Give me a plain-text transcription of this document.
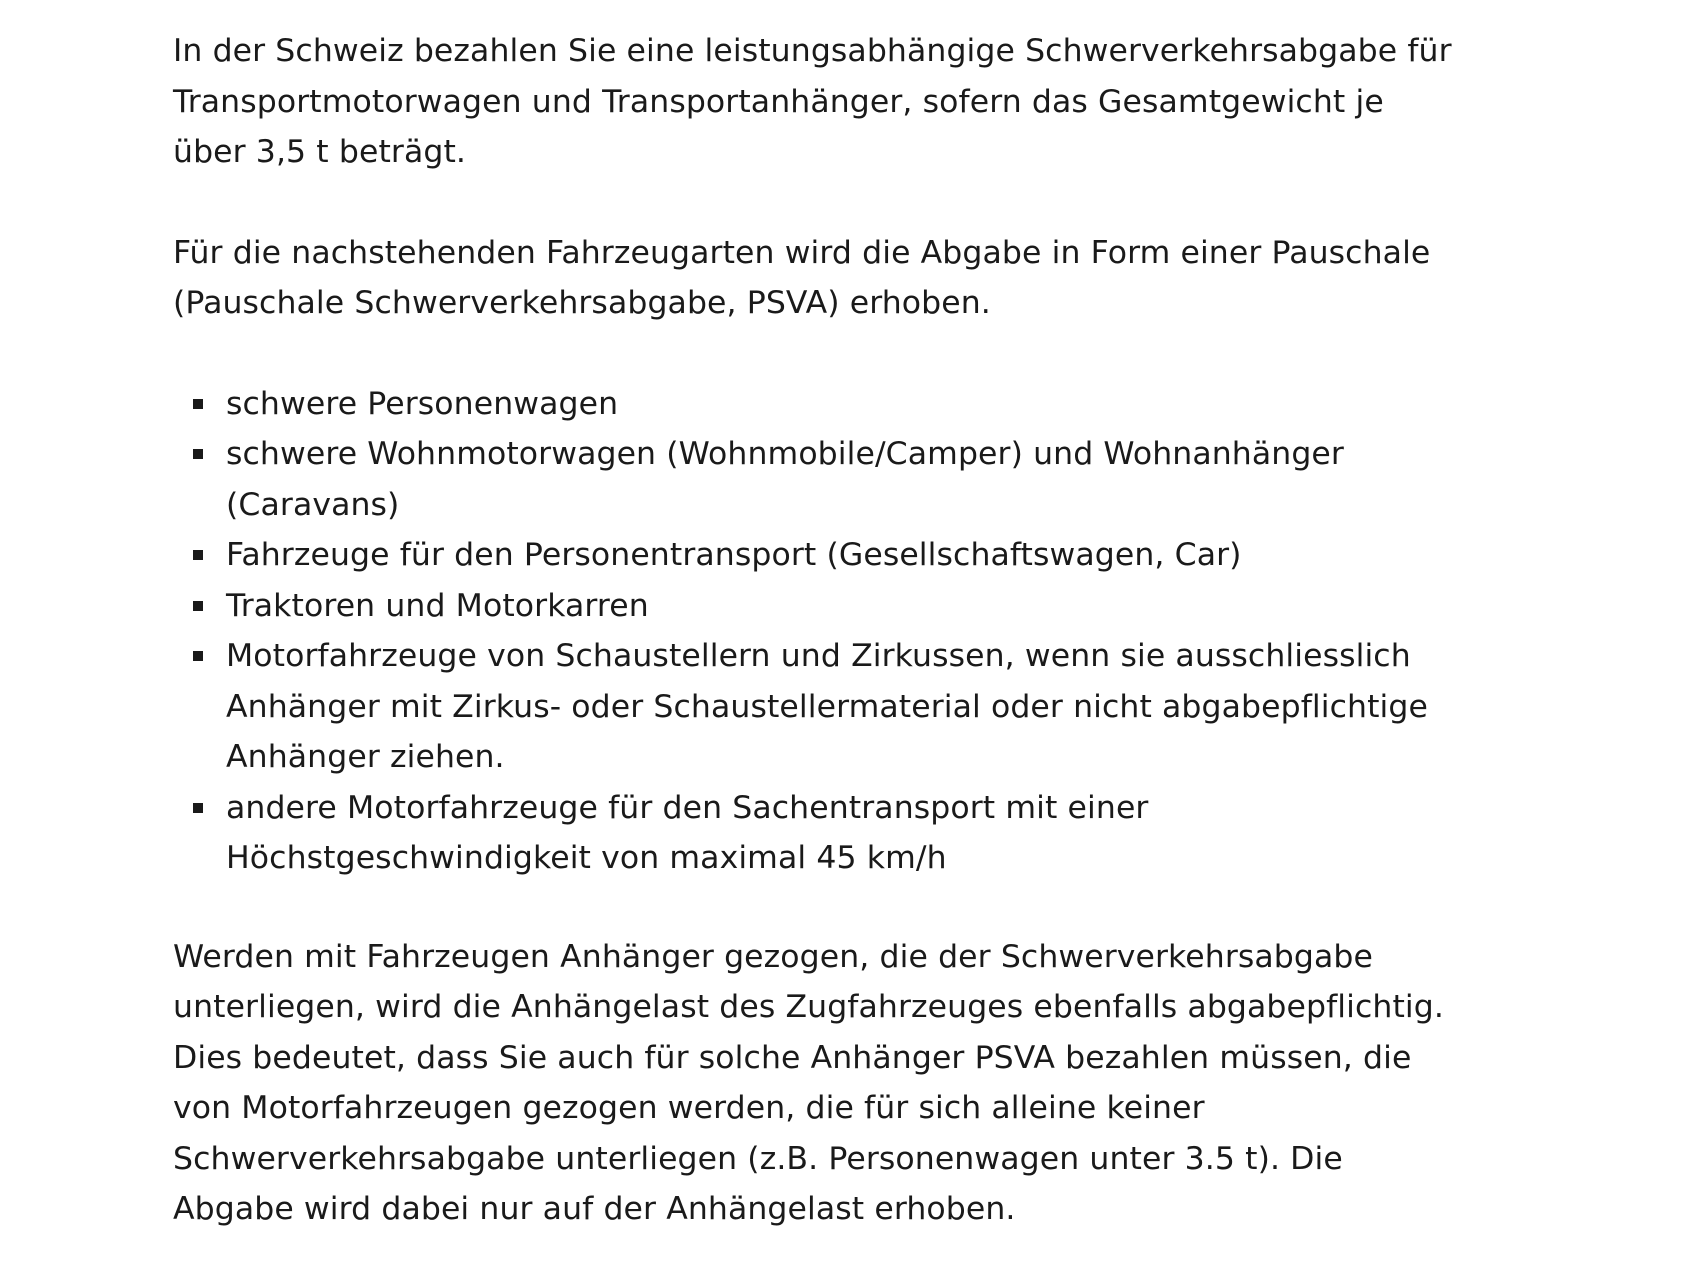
In der Schweiz bezahlen Sie eine leistungsabhängige Schwerverkehrsabgabe für Transportmotorwagen und Transportanhänger, sofern das Gesamtgewicht je über 3,5 t beträgt.

Für die nachstehenden Fahrzeugarten wird die Abgabe in Form einer Pauschale (Pauschale Schwerverkehrsabgabe, PSVA) erhoben.

schwere Personenwagen
schwere Wohnmotorwagen (Wohnmobile/Camper) und Wohnanhänger (Caravans)
Fahrzeuge für den Personentransport (Gesellschaftswagen, Car)
Traktoren und Motorkarren
Motorfahrzeuge von Schaustellern und Zirkussen, wenn sie ausschliesslich Anhänger mit Zirkus- oder Schaustellermaterial oder nicht abgabepflichtige Anhänger ziehen.
andere Motorfahrzeuge für den Sachentransport mit einer Höchstgeschwindigkeit von maximal 45 km/h

Werden mit Fahrzeugen Anhänger gezogen, die der Schwerverkehrsabgabe unterliegen, wird die Anhängelast des Zugfahrzeuges ebenfalls abgabepflichtig. Dies bedeutet, dass Sie auch für solche Anhänger PSVA bezahlen müssen, die von Motorfahrzeugen gezogen werden, die für sich alleine keiner Schwerverkehrsabgabe unterliegen (z.B. Personenwagen unter 3.5 t). Die Abgabe wird dabei nur auf der Anhängelast erhoben.
